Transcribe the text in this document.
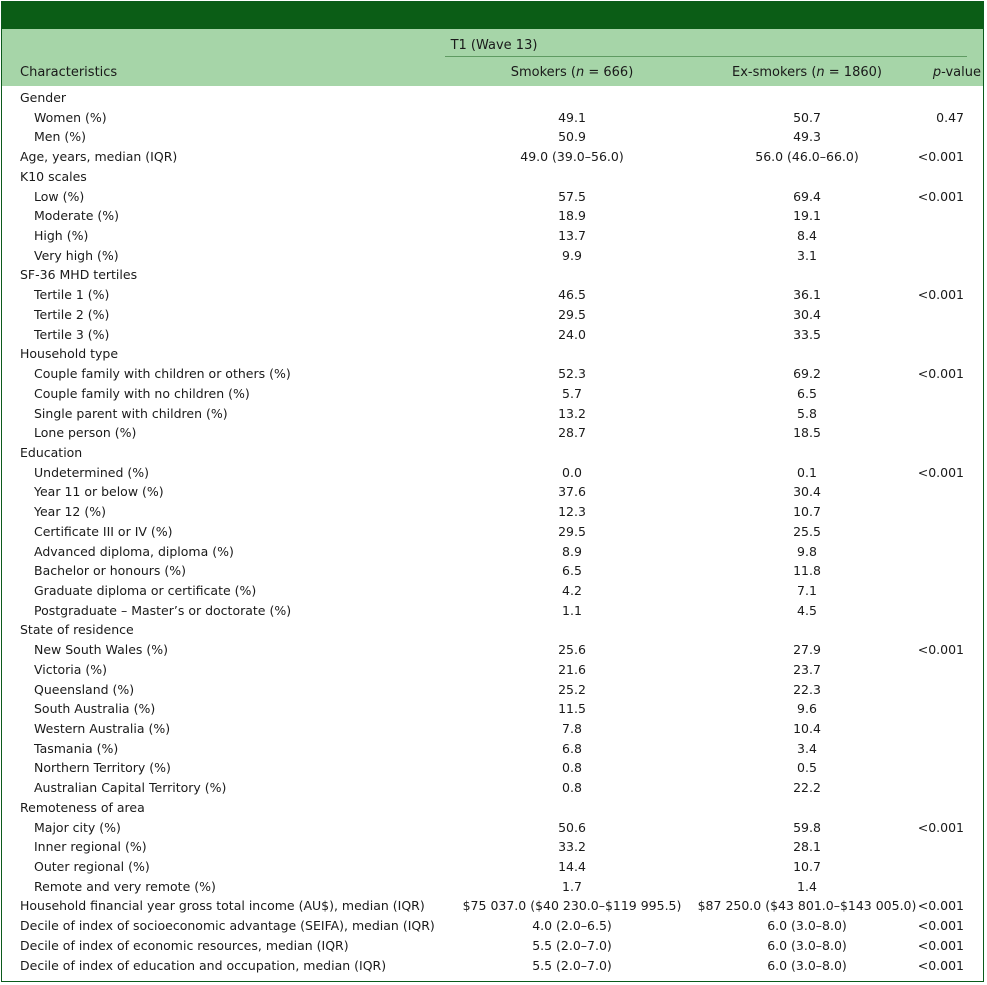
T1 (Wave 13)
Characteristics	Smokers (n = 666)	Ex-smokers (n = 1860)	p-value
Gender
Women (%)	49.1	50.7	0.47
Men (%)	50.9	49.3
Age, years, median (IQR)	49.0 (39.0–56.0)	56.0 (46.0–66.0)	<0.001
K10 scales
Low (%)	57.5	69.4	<0.001
Moderate (%)	18.9	19.1
High (%)	13.7	8.4
Very high (%)	9.9	3.1
SF-36 MHD tertiles
Tertile 1 (%)	46.5	36.1	<0.001
Tertile 2 (%)	29.5	30.4
Tertile 3 (%)	24.0	33.5
Household type
Couple family with children or others (%)	52.3	69.2	<0.001
Couple family with no children (%)	5.7	6.5
Single parent with children (%)	13.2	5.8
Lone person (%)	28.7	18.5
Education
Undetermined (%)	0.0	0.1	<0.001
Year 11 or below (%)	37.6	30.4
Year 12 (%)	12.3	10.7
Certificate III or IV (%)	29.5	25.5
Advanced diploma, diploma (%)	8.9	9.8
Bachelor or honours (%)	6.5	11.8
Graduate diploma or certificate (%)	4.2	7.1
Postgraduate – Master’s or doctorate (%)	1.1	4.5
State of residence
New South Wales (%)	25.6	27.9	<0.001
Victoria (%)	21.6	23.7
Queensland (%)	25.2	22.3
South Australia (%)	11.5	9.6
Western Australia (%)	7.8	10.4
Tasmania (%)	6.8	3.4
Northern Territory (%)	0.8	0.5
Australian Capital Territory (%)	0.8	22.2
Remoteness of area
Major city (%)	50.6	59.8	<0.001
Inner regional (%)	33.2	28.1
Outer regional (%)	14.4	10.7
Remote and very remote (%)	1.7	1.4
Household financial year gross total income (AU$), median (IQR)	$75 037.0 ($40 230.0–$119 995.5)	$87 250.0 ($43 801.0–$143 005.0) <0.001
Decile of index of socioeconomic advantage (SEIFA), median (IQR)	4.0 (2.0–6.5)	6.0 (3.0–8.0)	<0.001
Decile of index of economic resources, median (IQR)	5.5 (2.0–7.0)	6.0 (3.0–8.0)	<0.001
Decile of index of education and occupation, median (IQR)	5.5 (2.0–7.0)	6.0 (3.0–8.0)	<0.001
